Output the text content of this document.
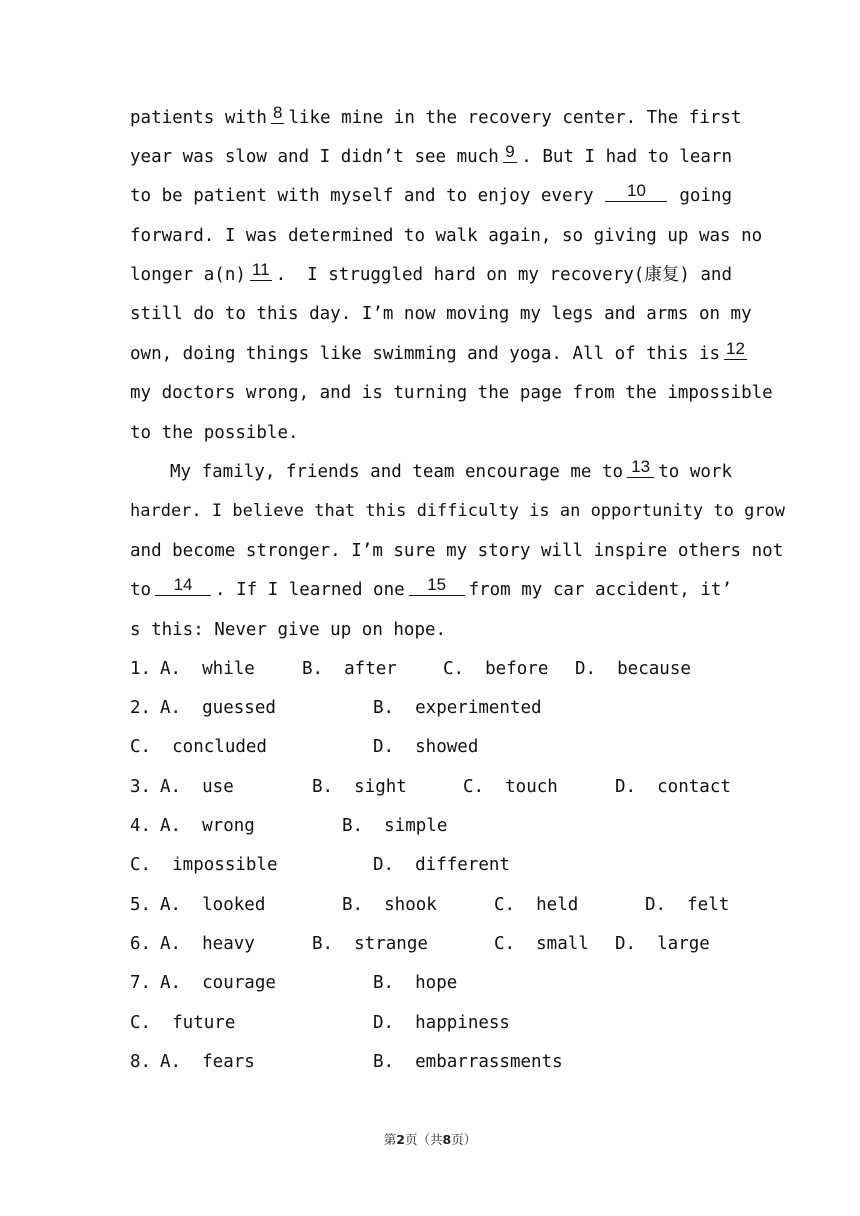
patients with 8 like mine in the recovery center. The first
year was slow and I didn’t see much 9 . But I had to learn
to be patient with myself and to enjoy every	10	going
forward. I was determined to walk again, so giving up was no
longer a(n) 11 .  I struggled hard on my recovery(康复) and
still do to this day. I’m now moving my legs and arms on my
own, doing things like swimming and yoga. All of this is 12
my doctors wrong, and is turning the page from the impossible
to the possible.
My family, friends and team encourage me to 13 to work
harder. I believe that this difficulty is an opportunity to grow
and become stronger. I’m sure my story will inspire others not
to	14	. If I learned one	15	from my car accident, it’
s this: Never give up on hope.
1. A.  while	B.  after	C.  before D.  because
2. A.  guessed	B.  experimented
C.  concluded	D.  showed
3. A.  use	B.  sight	C.  touch	D.  contact
4. A.  wrong	B.  simple
C.  impossible	D.  different
5. A.  looked	B.  shook	C.  held	D.  felt
6. A.  heavy	B.  strange	C.  small D.  large
7. A.  courage	B.  hope
C.  future	D.  happiness
8. A.  fears	B.  embarrassments
第2页（共8页）
